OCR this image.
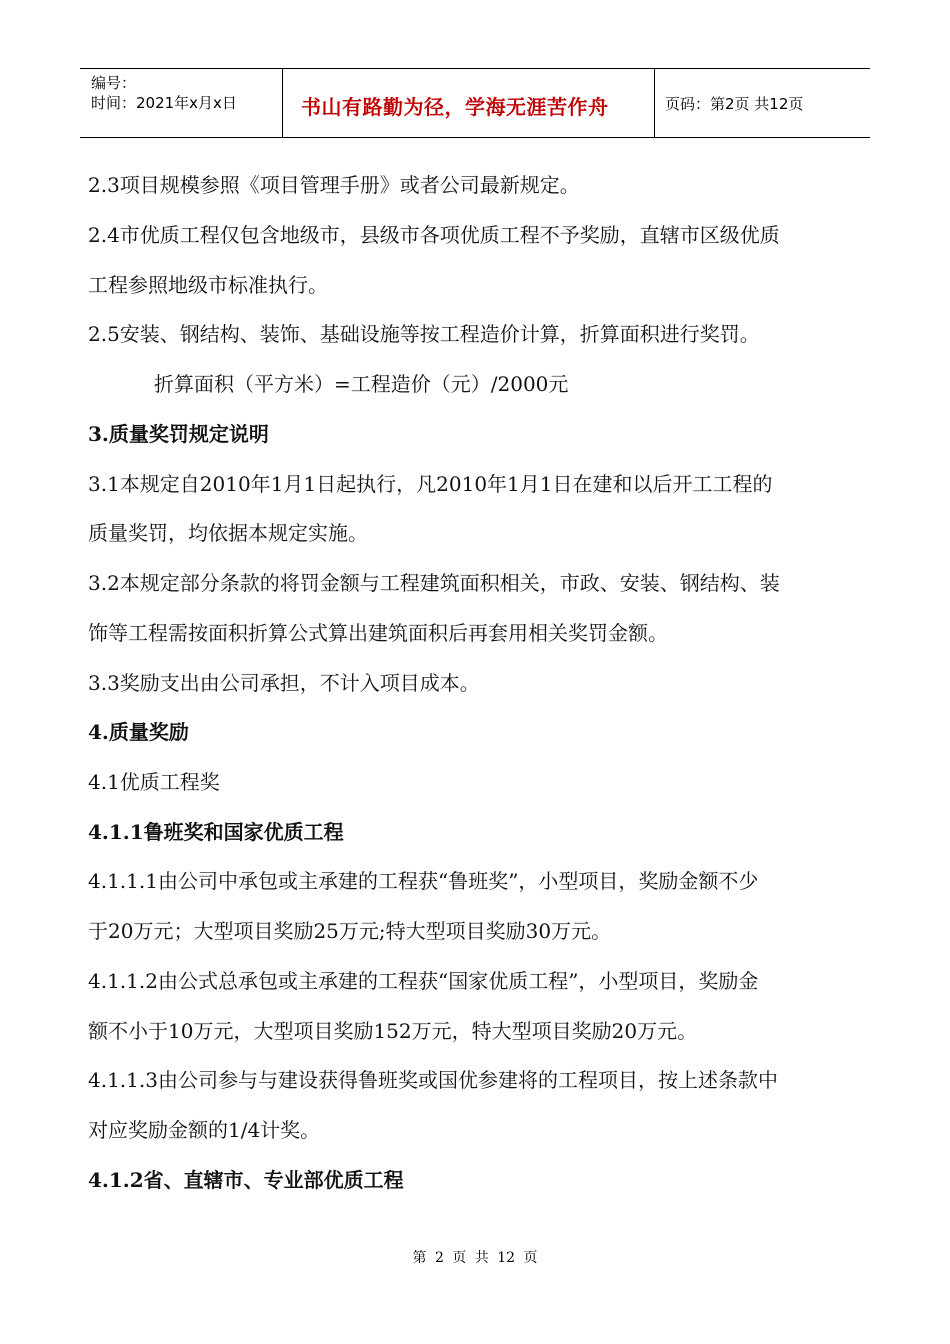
编号：
时间：2021年x月x日	书山有路勤为径，学海无涯苦作舟	页码：第2页 共12页
2.3项目规模参照《项目管理手册》或者公司最新规定。
2.4市优质工程仅包含地级市，县级市各项优质工程不予奖励，直辖市区级优质
工程参照地级市标准执行。
2.5安装、钢结构、装饰、基础设施等按工程造价计算，折算面积进行奖罚。
折算面积（平方米）=工程造价（元）/2000元
3.质量奖罚规定说明
3.1本规定自2010年1月1日起执行，凡2010年1月1日在建和以后开工工程的
质量奖罚，均依据本规定实施。
3.2本规定部分条款的将罚金额与工程建筑面积相关，市政、安装、钢结构、装
饰等工程需按面积折算公式算出建筑面积后再套用相关奖罚金额。
3.3奖励支出由公司承担，不计入项目成本。
4.质量奖励
4.1优质工程奖
4.1.1鲁班奖和国家优质工程
4.1.1.1由公司中承包或主承建的工程获“鲁班奖”，小型项目，奖励金额不少
于20万元；大型项目奖励25万元;特大型项目奖励30万元。
4.1.1.2由公式总承包或主承建的工程获“国家优质工程”，小型项目，奖励金
额不小于10万元，大型项目奖励152万元，特大型项目奖励20万元。
4.1.1.3由公司参与与建设获得鲁班奖或国优参建将的工程项目，按上述条款中
对应奖励金额的1/4计奖。
4.1.2省、直辖市、专业部优质工程
第 2 页 共 12 页
